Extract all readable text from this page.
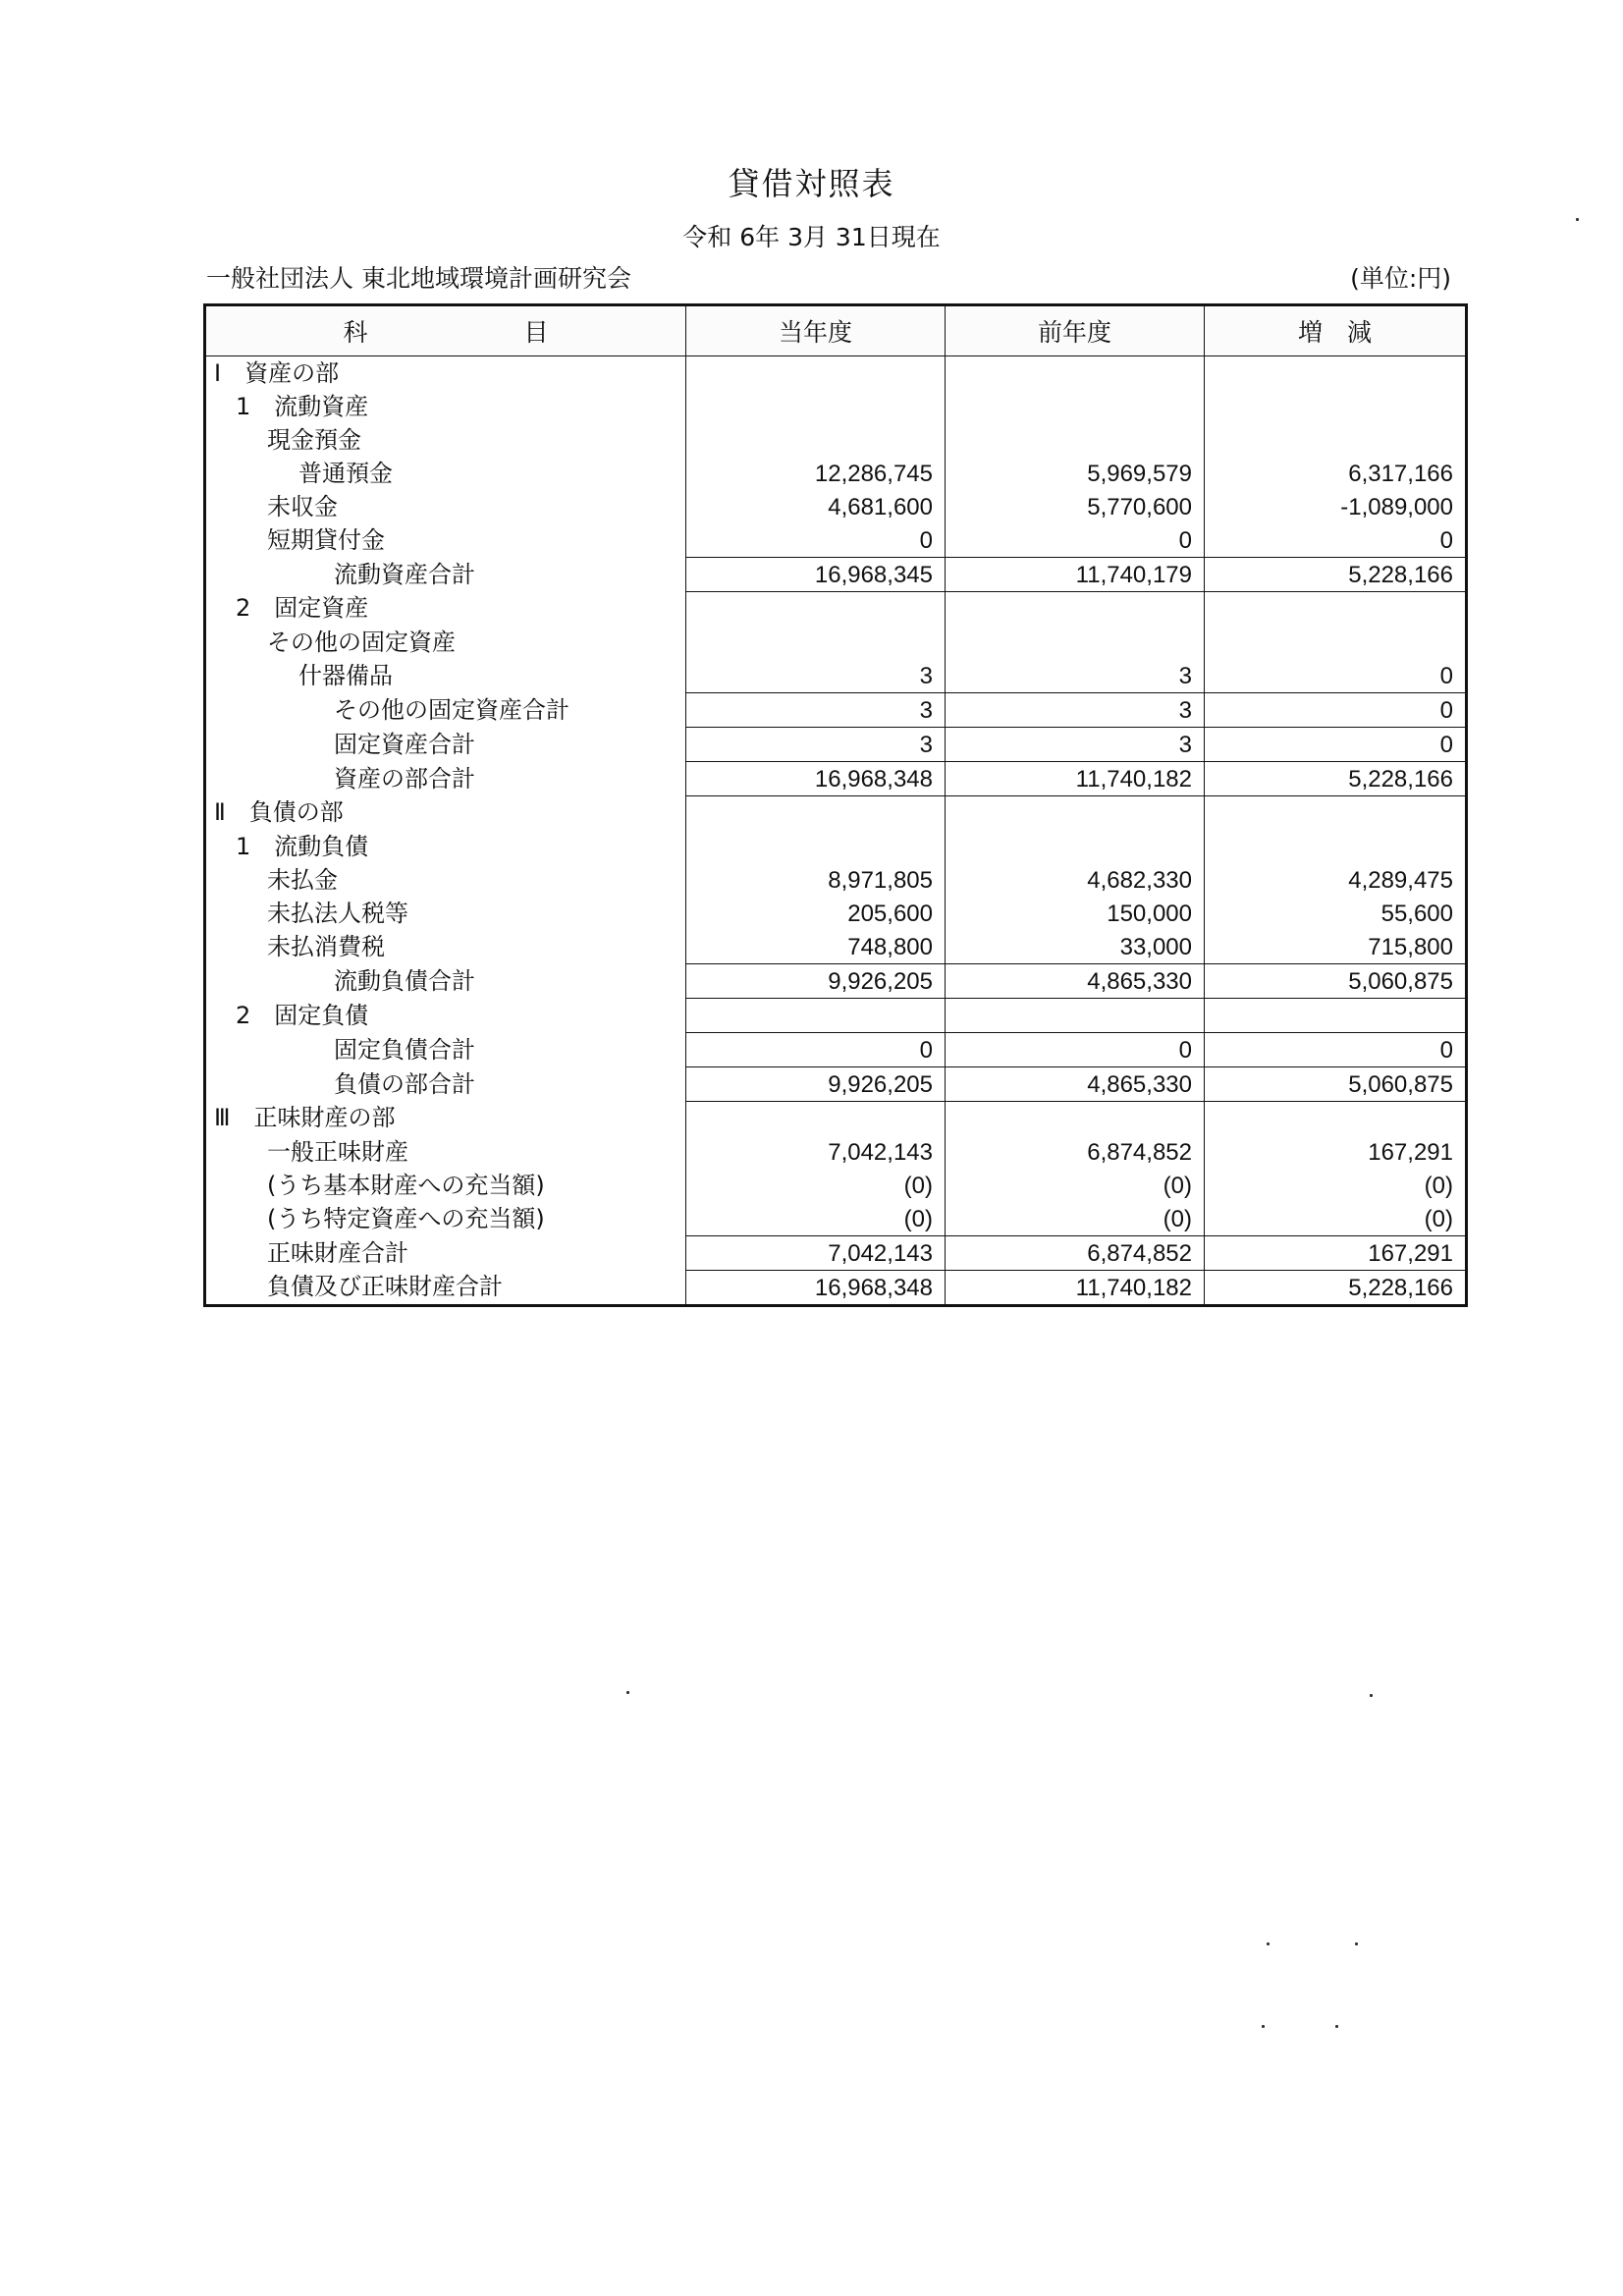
貸借対照表
令和 6年 3月 31日現在
一般社団法人 東北地域環境計画研究会	(単位:円)
科 目	当年度	前年度	増　減
Ⅰ　資産の部			
1　流動資産			
現金預金			
普通預金	12,286,745	5,969,579	6,317,166
未収金	4,681,600	5,770,600	-1,089,000
短期貸付金	0	0	0
流動資産合計	16,968,345	11,740,179	5,228,166
2　固定資産			
その他の固定資産			
什器備品	3	3	0
その他の固定資産合計	3	3	0
固定資産合計	3	3	0
資産の部合計	16,968,348	11,740,182	5,228,166
Ⅱ　負債の部			
1　流動負債			
未払金	8,971,805	4,682,330	4,289,475
未払法人税等	205,600	150,000	55,600
未払消費税	748,800	33,000	715,800
流動負債合計	9,926,205	4,865,330	5,060,875
2　固定負債			
固定負債合計	0	0	0
負債の部合計	9,926,205	4,865,330	5,060,875
Ⅲ　正味財産の部			
一般正味財産	7,042,143	6,874,852	167,291
(うち基本財産への充当額)	(0)	(0)	(0)
(うち特定資産への充当額)	(0)	(0)	(0)
正味財産合計	7,042,143	6,874,852	167,291
負債及び正味財産合計	16,968,348	11,740,182	5,228,166
